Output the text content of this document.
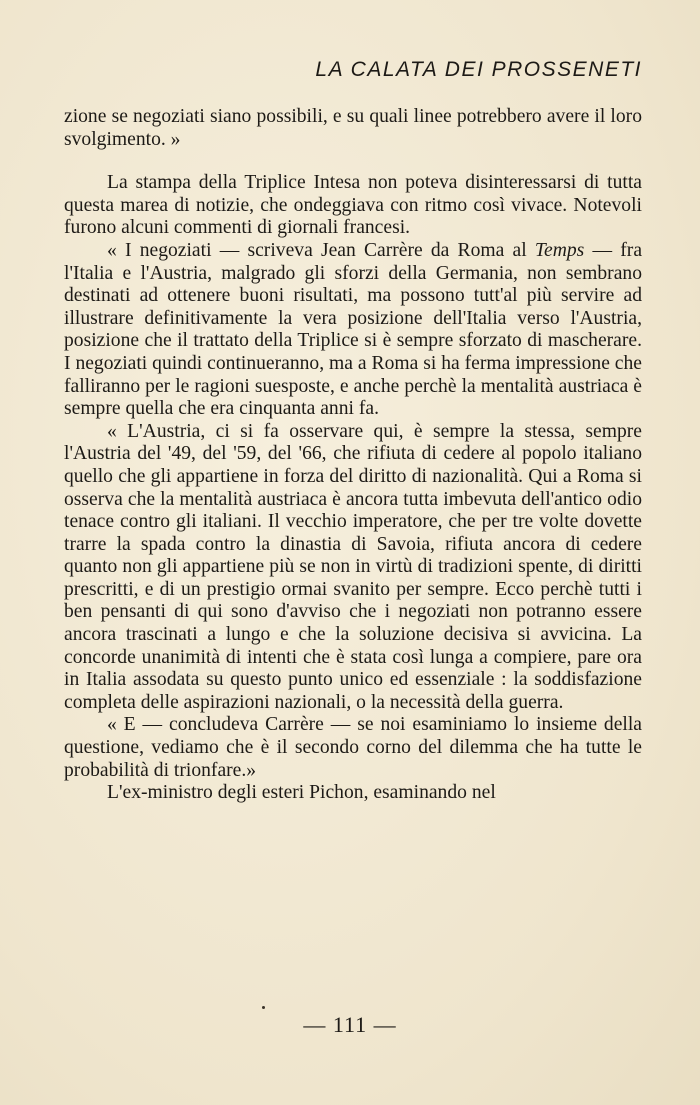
LA CALATA DEI PROSSENETI

zione se negoziati siano possibili, e su quali linee potrebbero avere il loro svolgimento. »

La stampa della Triplice Intesa non poteva disinteressarsi di tutta questa marea di notizie, che ondeggiava con ritmo così vivace. Notevoli furono alcuni commenti di giornali francesi.

« I negoziati — scriveva Jean Carrère da Roma al Temps — fra l'Italia e l'Austria, malgrado gli sforzi della Germania, non sembrano destinati ad ottenere buoni risultati, ma possono tutt'al più servire ad illustrare definitivamente la vera posizione dell'Italia verso l'Austria, posizione che il trattato della Triplice si è sempre sforzato di mascherare. I negoziati quindi continueranno, ma a Roma si ha ferma impressione che falliranno per le ragioni suesposte, e anche perchè la mentalità austriaca è sempre quella che era cinquanta anni fa.

« L'Austria, ci si fa osservare qui, è sempre la stessa, sempre l'Austria del '49, del '59, del '66, che rifiuta di cedere al popolo italiano quello che gli appartiene in forza del diritto di nazionalità. Qui a Roma si osserva che la mentalità austriaca è ancora tutta imbevuta dell'antico odio tenace contro gli italiani. Il vecchio imperatore, che per tre volte dovette trarre la spada contro la dinastia di Savoia, rifiuta ancora di cedere quanto non gli appartiene più se non in virtù di tradizioni spente, di diritti prescritti, e di un prestigio ormai svanito per sempre. Ecco perchè tutti i ben pensanti di qui sono d'avviso che i negoziati non potranno essere ancora trascinati a lungo e che la soluzione decisiva si avvicina. La concorde unanimità di intenti che è stata così lunga a compiere, pare ora in Italia assodata su questo punto unico ed essenziale : la soddisfazione completa delle aspirazioni nazionali, o la necessità della guerra.

« E — concludeva Carrère — se noi esaminiamo lo insieme della questione, vediamo che è il secondo corno del dilemma che ha tutte le probabilità di trionfare.»

L'ex-ministro degli esteri Pichon, esaminando nel

— 111 —
